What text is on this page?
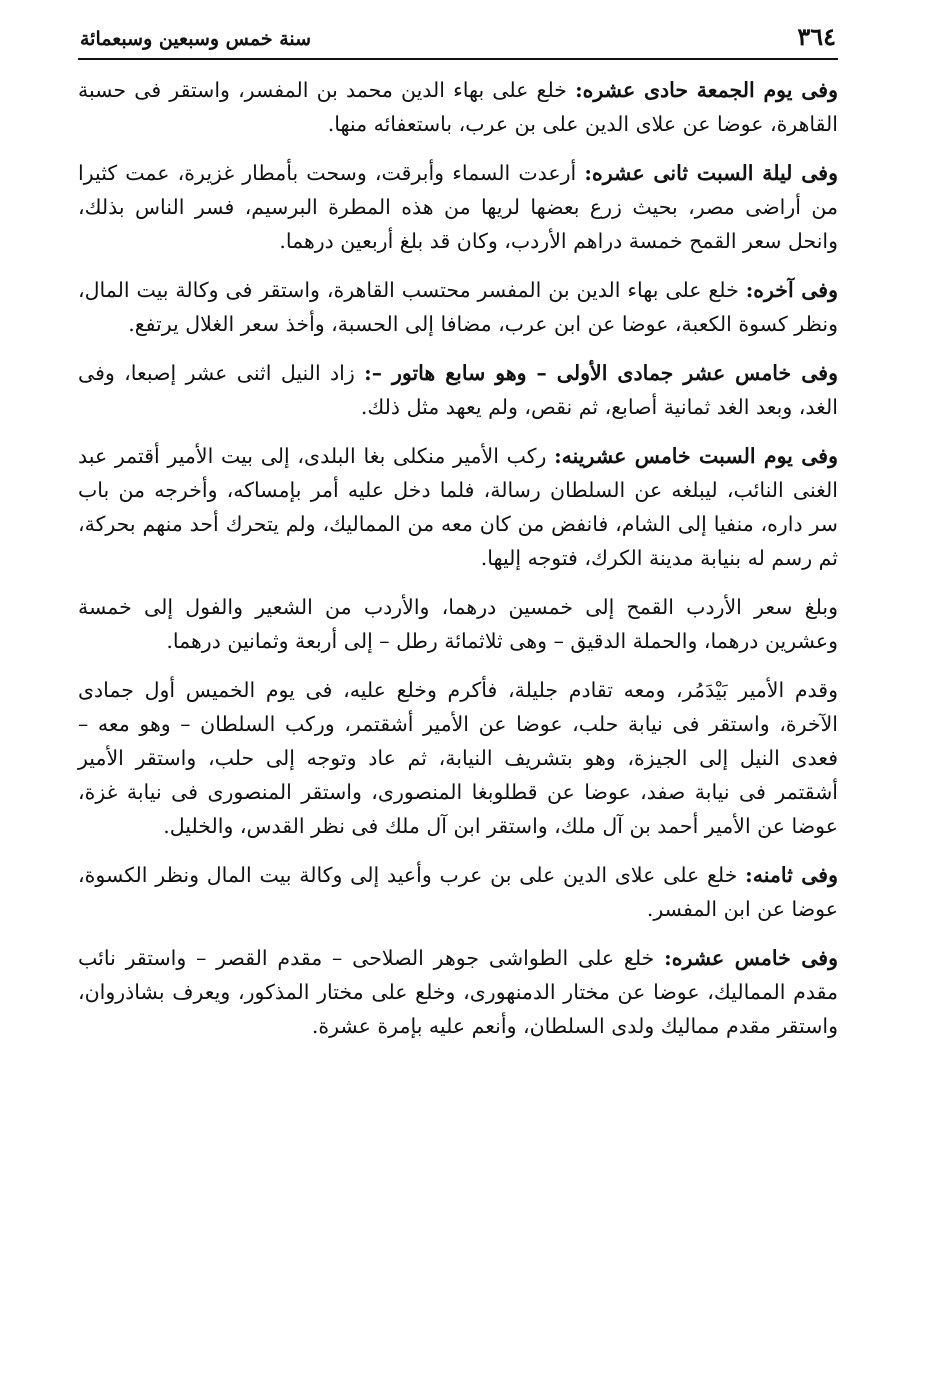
٣٦٤
سنة خمس وسبعين وسبعمائة

وفى يوم الجمعة حادى عشره: خلع على بهاء الدين محمد بن المفسر، واستقر فى حسبة القاهرة، عوضا عن علاى الدين على بن عرب، باستعفائه منها.

وفى ليلة السبت ثانى عشره: أرعدت السماء وأبرقت، وسحت بأمطار غزيرة، عمت كثيرا من أراضى مصر، بحيث زرع بعضها لريها من هذه المطرة البرسيم، فسر الناس بذلك، وانحل سعر القمح خمسة دراهم الأردب، وكان قد بلغ أربعين درهما.

وفى آخره: خلع على بهاء الدين بن المفسر محتسب القاهرة، واستقر فى وكالة بيت المال، ونظر كسوة الكعبة، عوضا عن ابن عرب، مضافا إلى الحسبة، وأخذ سعر الغلال يرتفع.

وفى خامس عشر جمادى الأولى – وهو سابع هاتور –: زاد النيل اثنى عشر إصبعا، وفى الغد، وبعد الغد ثمانية أصابع، ثم نقص، ولم يعهد مثل ذلك.

وفى يوم السبت خامس عشرينه: ركب الأمير منكلى بغا البلدى، إلى بيت الأمير أقتمر عبد الغنى النائب، ليبلغه عن السلطان رسالة، فلما دخل عليه أمر بإمساكه، وأخرجه من باب سر داره، منفيا إلى الشام، فانفض من كان معه من المماليك، ولم يتحرك أحد منهم بحركة، ثم رسم له بنيابة مدينة الكرك، فتوجه إليها.

وبلغ سعر الأردب القمح إلى خمسين درهما، والأردب من الشعير والفول إلى خمسة وعشرين درهما، والحملة الدقيق – وهى ثلاثمائة رطل – إلى أربعة وثمانين درهما.

وقدم الأمير بَيْدَمُر، ومعه تقادم جليلة، فأكرم وخلع عليه، فى يوم الخميس أول جمادى الآخرة، واستقر فى نيابة حلب، عوضا عن الأمير أشقتمر، وركب السلطان – وهو معه – فعدى النيل إلى الجيزة، وهو بتشريف النيابة، ثم عاد وتوجه إلى حلب، واستقر الأمير أشقتمر فى نيابة صفد، عوضا عن قطلوبغا المنصورى، واستقر المنصورى فى نيابة غزة، عوضا عن الأمير أحمد بن آل ملك، واستقر ابن آل ملك فى نظر القدس، والخليل.

وفى ثامنه: خلع على علاى الدين على بن عرب وأعيد إلى وكالة بيت المال ونظر الكسوة، عوضا عن ابن المفسر.

وفى خامس عشره: خلع على الطواشى جوهر الصلاحى – مقدم القصر – واستقر نائب مقدم المماليك، عوضا عن مختار الدمنهورى، وخلع على مختار المذكور، ويعرف بشاذروان، واستقر مقدم مماليك ولدى السلطان، وأنعم عليه بإمرة عشرة.
